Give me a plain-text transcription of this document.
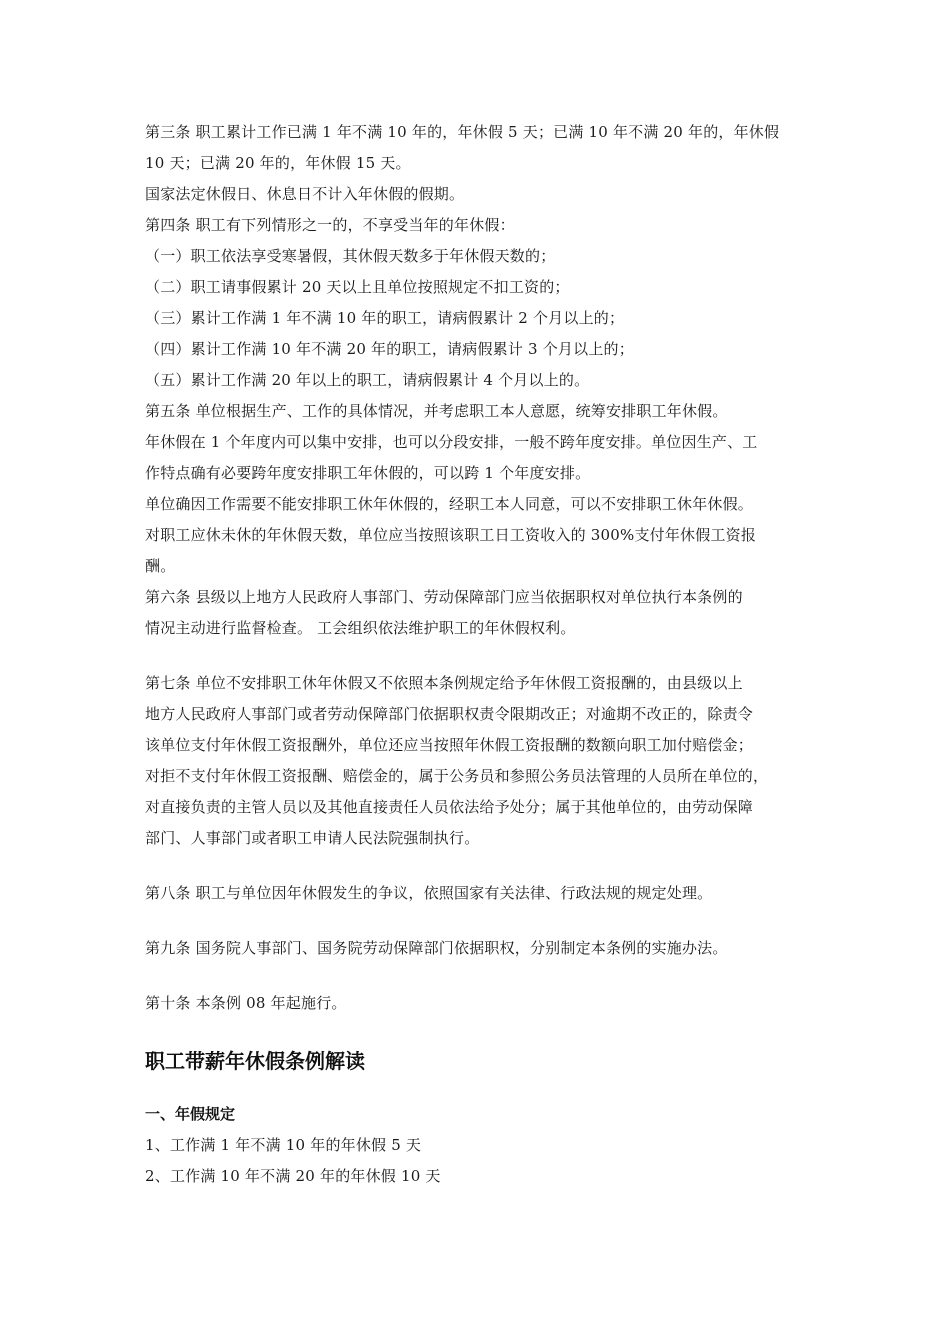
第三条 职工累计工作已满 1 年不满 10 年的，年休假 5 天；已满 10 年不满 20 年的，年休假
10 天；已满 20 年的，年休假 15 天。
国家法定休假日、休息日不计入年休假的假期。
第四条 职工有下列情形之一的，不享受当年的年休假：
（一）职工依法享受寒暑假，其休假天数多于年休假天数的；
（二）职工请事假累计 20 天以上且单位按照规定不扣工资的；
（三）累计工作满 1 年不满 10 年的职工，请病假累计 2 个月以上的；
（四）累计工作满 10 年不满 20 年的职工，请病假累计 3 个月以上的；
（五）累计工作满 20 年以上的职工，请病假累计 4 个月以上的。
第五条 单位根据生产、工作的具体情况，并考虑职工本人意愿，统筹安排职工年休假。
年休假在 1 个年度内可以集中安排，也可以分段安排，一般不跨年度安排。单位因生产、工
作特点确有必要跨年度安排职工年休假的，可以跨 1 个年度安排。
单位确因工作需要不能安排职工休年休假的，经职工本人同意，可以不安排职工休年休假。
对职工应休未休的年休假天数，单位应当按照该职工日工资收入的 300%支付年休假工资报
酬。
第六条 县级以上地方人民政府人事部门、劳动保障部门应当依据职权对单位执行本条例的
情况主动进行监督检查。 工会组织依法维护职工的年休假权利。
第七条 单位不安排职工休年休假又不依照本条例规定给予年休假工资报酬的，由县级以上
地方人民政府人事部门或者劳动保障部门依据职权责令限期改正；对逾期不改正的，除责令
该单位支付年休假工资报酬外，单位还应当按照年休假工资报酬的数额向职工加付赔偿金；
对拒不支付年休假工资报酬、赔偿金的，属于公务员和参照公务员法管理的人员所在单位的，
对直接负责的主管人员以及其他直接责任人员依法给予处分；属于其他单位的，由劳动保障
部门、人事部门或者职工申请人民法院强制执行。
第八条 职工与单位因年休假发生的争议，依照国家有关法律、行政法规的规定处理。
第九条 国务院人事部门、国务院劳动保障部门依据职权，分别制定本条例的实施办法。
第十条 本条例 08 年起施行。
职工带薪年休假条例解读
一、年假规定
1、工作满 1 年不满 10 年的年休假 5 天
2、工作满 10 年不满 20 年的年休假 10 天
